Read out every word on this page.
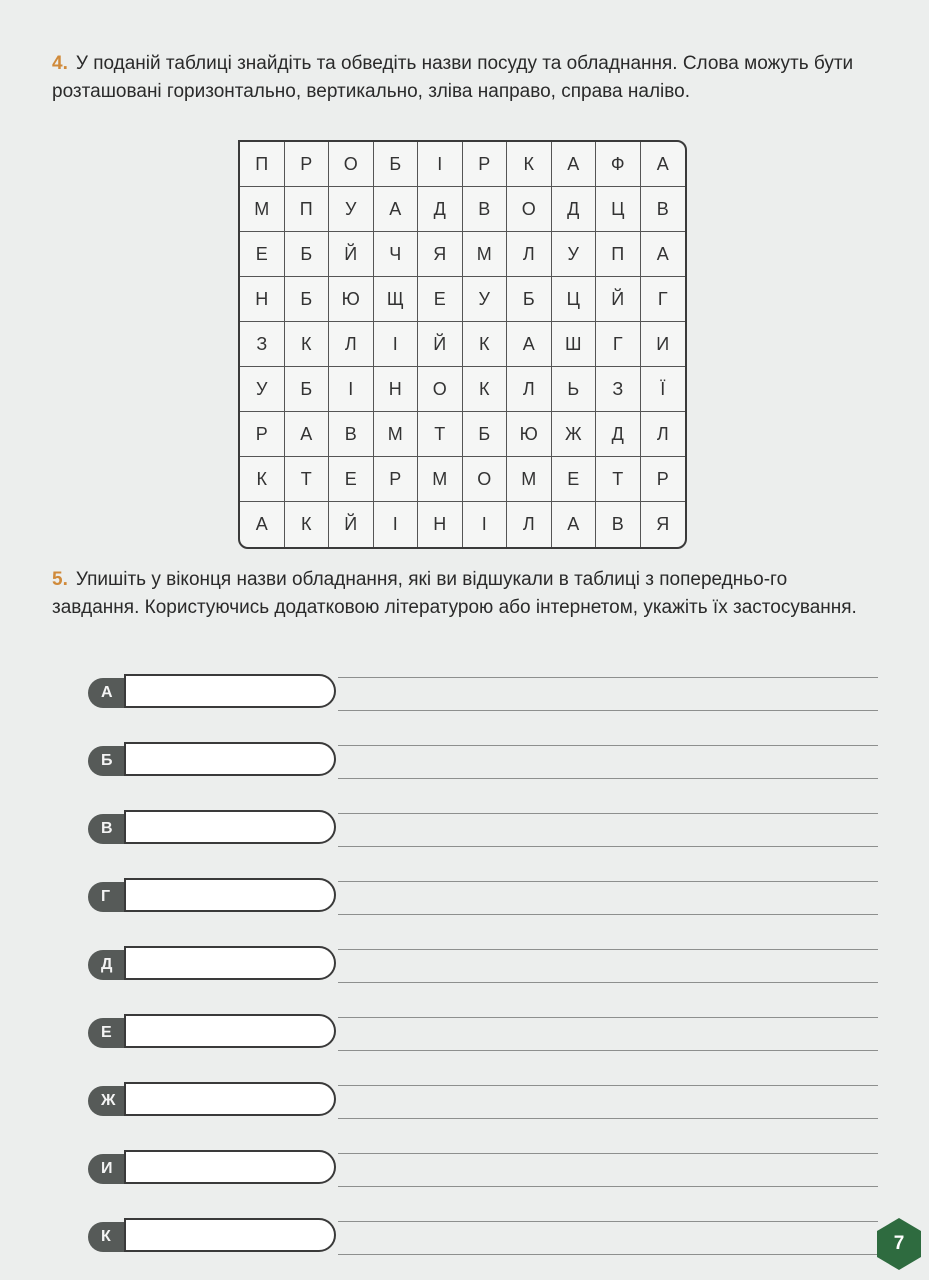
4. У поданій таблиці знайдіть та обведіть назви посуду та обладнання. Слова можуть бути розташовані горизонтально, вертикально, зліва направо, справа наліво.
П	Р	О	Б	І	Р	К	А	Ф	А
М	П	У	А	Д	В	О	Д	Ц	В
Е	Б	Й	Ч	Я	М	Л	У	П	А
Н	Б	Ю	Щ	Е	У	Б	Ц	Й	Г
З	К	Л	І	Й	К	А	Ш	Г	И
У	Б	І	Н	О	К	Л	Ь	З	Ї
Р	А	В	М	Т	Б	Ю	Ж	Д	Л
К	Т	Е	Р	М	О	М	Е	Т	Р
А	К	Й	І	Н	І	Л	А	В	Я
5. Упишіть у віконця назви обладнання, які ви відшукали в таблиці з попередньо-го завдання. Користуючись додатковою літературою або інтернетом, укажіть їх застосування.
А
Б
В
Г
Д
Е
Ж
И
К	7
